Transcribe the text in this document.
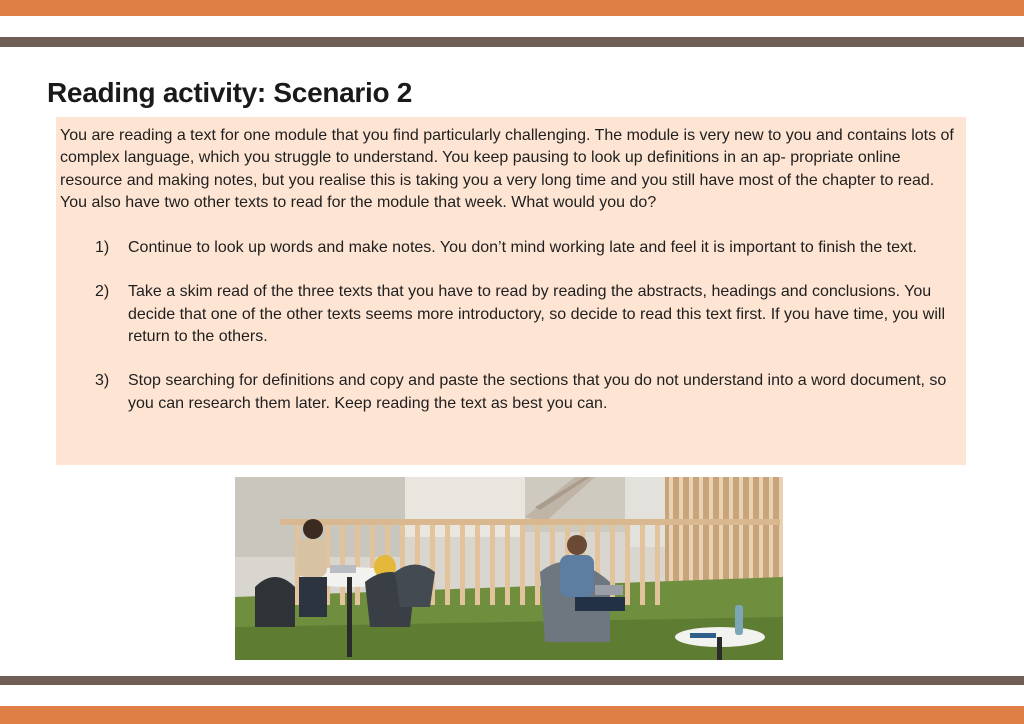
Reading activity: Scenario 2

You are reading a text for one module that you find particularly challenging. The module is very new to you and contains lots of complex language, which you struggle to understand. You keep pausing to look up definitions in an ap- propriate online resource and making notes, but you realise this is taking you a very long time and you still have most of the chapter to read. You also have two other texts to read for the module that week. What would you do?

1) Continue to look up words and make notes. You don’t mind working late and feel it is important to finish the text.
2) Take a skim read of the three texts that you have to read by reading the abstracts, headings and conclusions. You decide that one of the other texts seems more introductory, so decide to read this text first. If you have time, you will return to the others.
3) Stop searching for definitions and copy and paste the sections that you do not understand into a word document, so you can research them later. Keep reading the text as best you can.
